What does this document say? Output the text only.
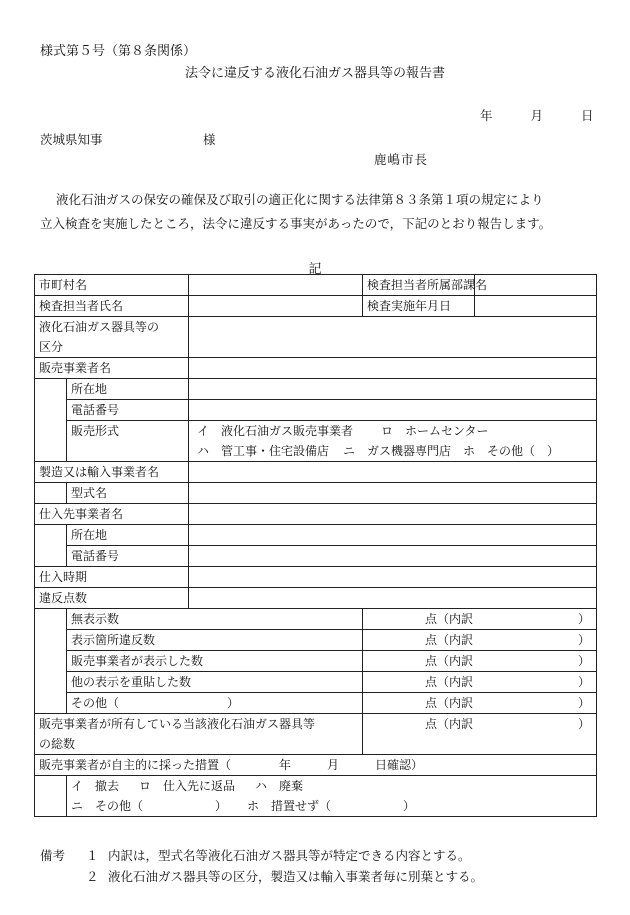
様式第５号（第８条関係）
法令に違反する液化石油ガス器具等の報告書
年	月	日
茨城県知事	様
鹿嶋市長
液化石油ガスの保安の確保及び取引の適正化に関する法律第８３条第１項の規定により
立入検査を実施したところ，法令に違反する事実があったので，下記のとおり報告します。
記
市町村名			検査担当者所属部課名	
検査担当者氏名			検査実施年月日	

液化石油ガス器具等の
区分				

販売事業者名				
	所在地			
	電話番号			
	販売形式	イ　液化石油ガス販売事業者 ロ　ホームセンター
ハ　管工事・住宅設備店 ニ　ガス機器専門店 ホ　その他（　）		

製造又は輸入事業者名				
	型式名			
仕入先事業者名				
	所在地			
	電話番号			
仕入時期				
違反点数				
	無表示数		点（内訳 ）	

	表示箇所違反数		点（内訳 ）	

	販売事業者が表示した数		点（内訳 ）	

	他の表示を重貼した数		点（内訳 ）	

	その他（　　　　　　　　　）		点（内訳 ）	

販売事業者が所有している当該液化石油ガス器具等
の総数			点（内訳 ）	

販売事業者が自主的に採った措置（　　　　年　　　月　　　日確認）				

	イ　撤去 ロ　仕入先に返品 ハ　廃棄
ニ　その他（　　　　　　） ホ　措置せず（　　　　　　）			
備考 １ 内訳は，型式名等液化石油ガス器具等が特定できる内容とする。
２ 液化石油ガス器具等の区分，製造又は輸入事業者毎に別葉とする。
